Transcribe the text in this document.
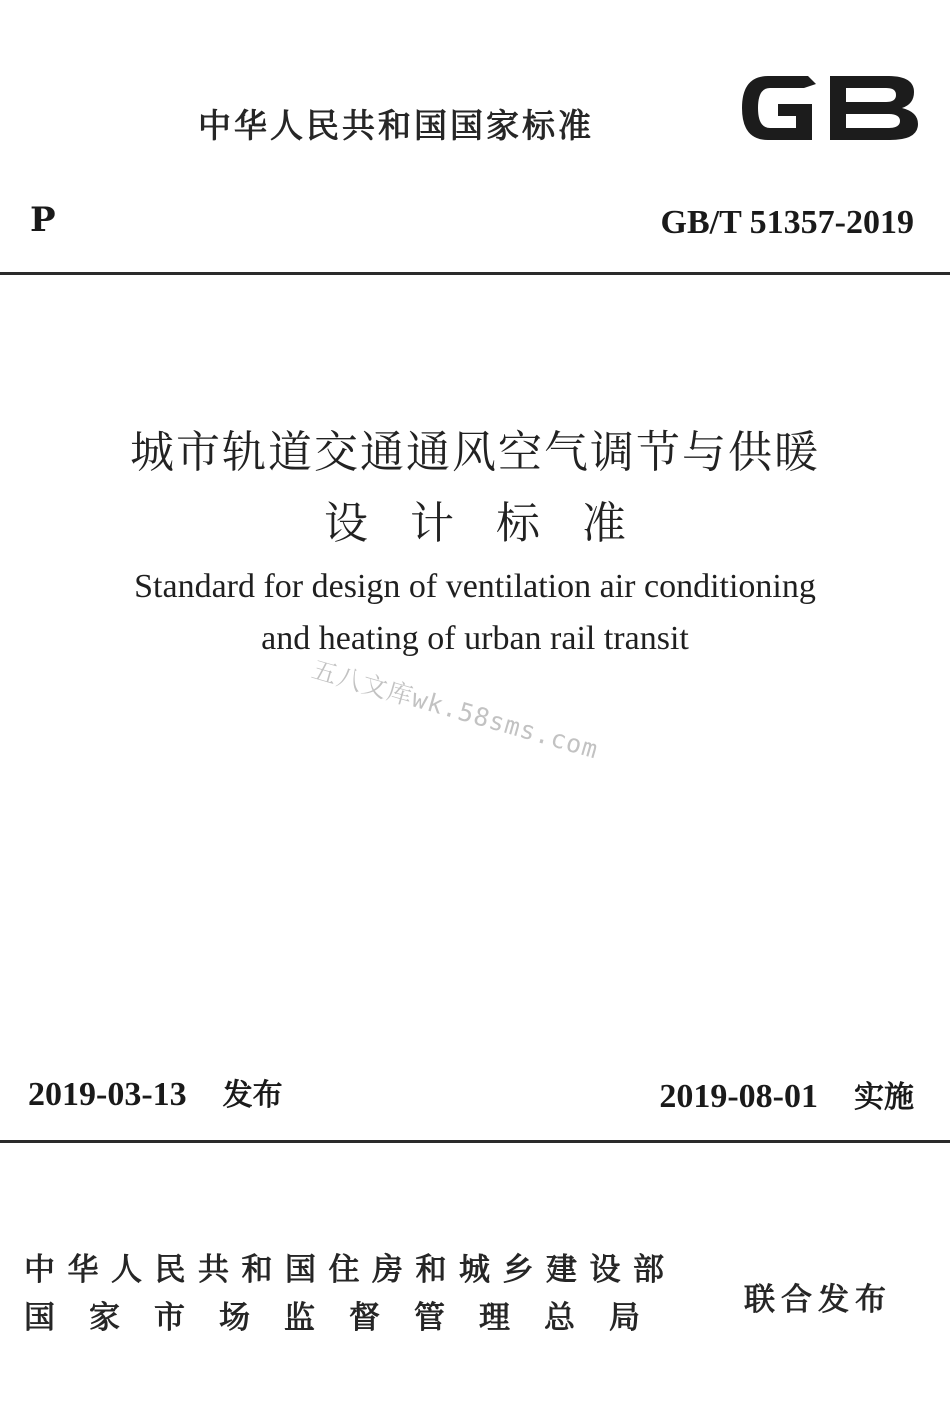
中华人民共和国国家标准
P	GB/T 51357-2019
城市轨道交通通风空气调节与供暖
设计标准
Standard for design of ventilation air conditioning
and heating of urban rail transit
五八文库wk.58sms.com
2019-03-13 发布	2019-08-01 实施
中华人民共和国住房和城乡建设部
国家市场监督管理总局	联合发布
